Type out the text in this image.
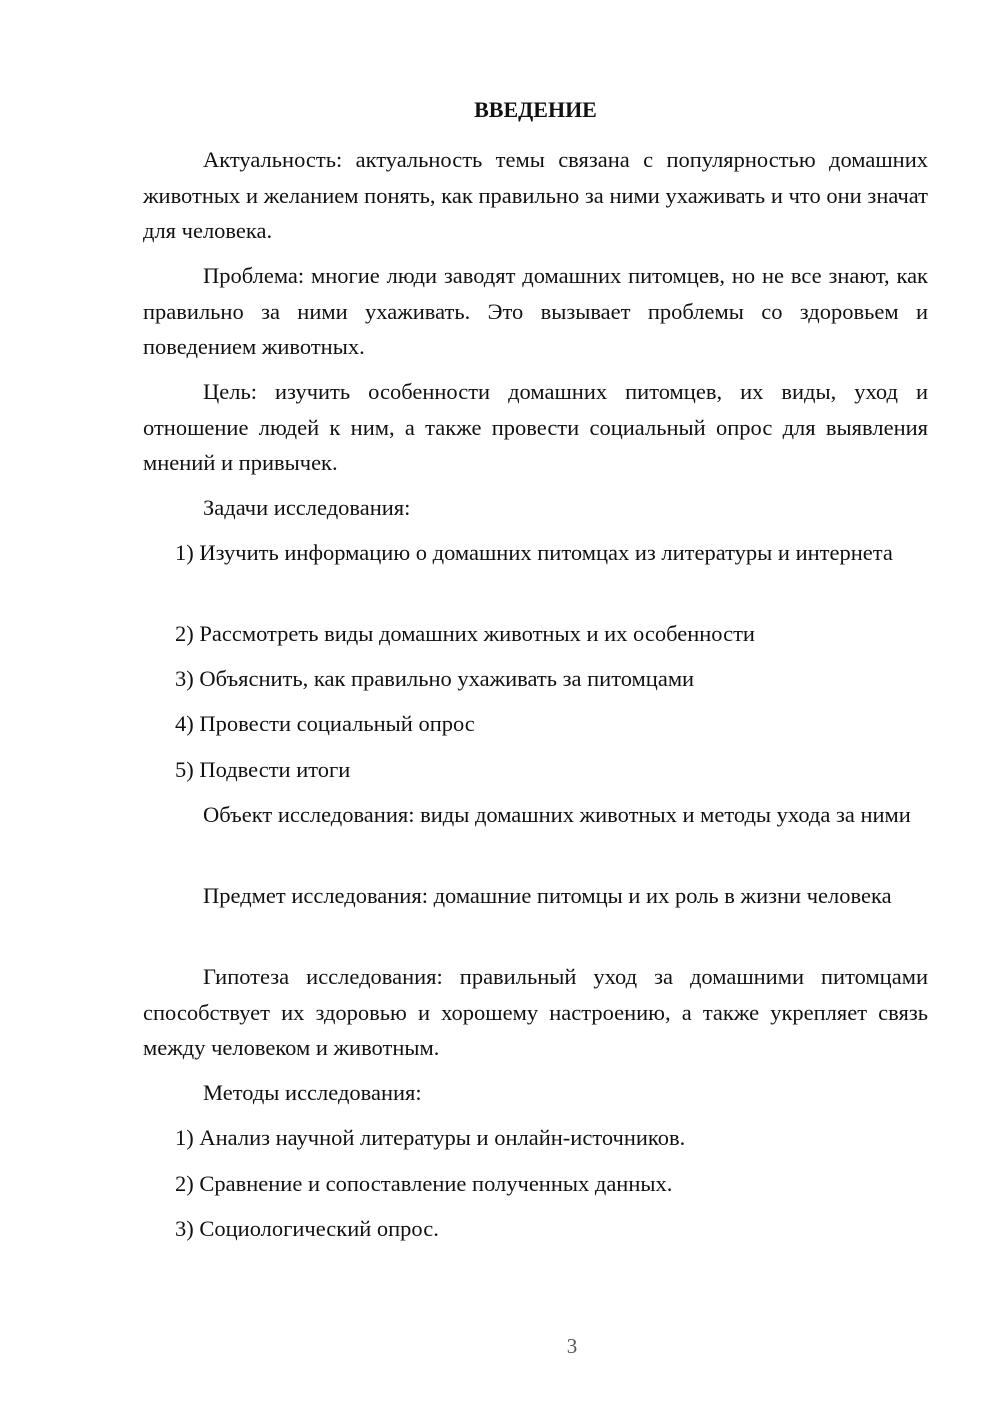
ВВЕДЕНИЕ

Актуальность: актуальность темы связана с популярностью домашних животных и желанием понять, как правильно за ними ухаживать и что они значат для человека.

Проблема: многие люди заводят домашних питомцев, но не все знают, как правильно за ними ухаживать. Это вызывает проблемы со здоровьем и поведением животных.

Цель: изучить особенности домашних питомцев, их виды, уход и отношение людей к ним, а также провести социальный опрос для выявления мнений и привычек.

Задачи исследования:

1) Изучить информацию о домашних питомцах из литературы и интернета

2) Рассмотреть виды домашних животных и их особенности

3) Объяснить, как правильно ухаживать за питомцами

4) Провести социальный опрос

5) Подвести итоги

Объект исследования: виды домашних животных и методы ухода за ними

Предмет исследования: домашние питомцы и их роль в жизни человека

Гипотеза исследования: правильный уход за домашними питомцами способствует их здоровью и хорошему настроению, а также укрепляет связь между человеком и животным.

Методы исследования:

1) Анализ научной литературы и онлайн-источников.

2) Сравнение и сопоставление полученных данных.

3) Социологический опрос.

3
